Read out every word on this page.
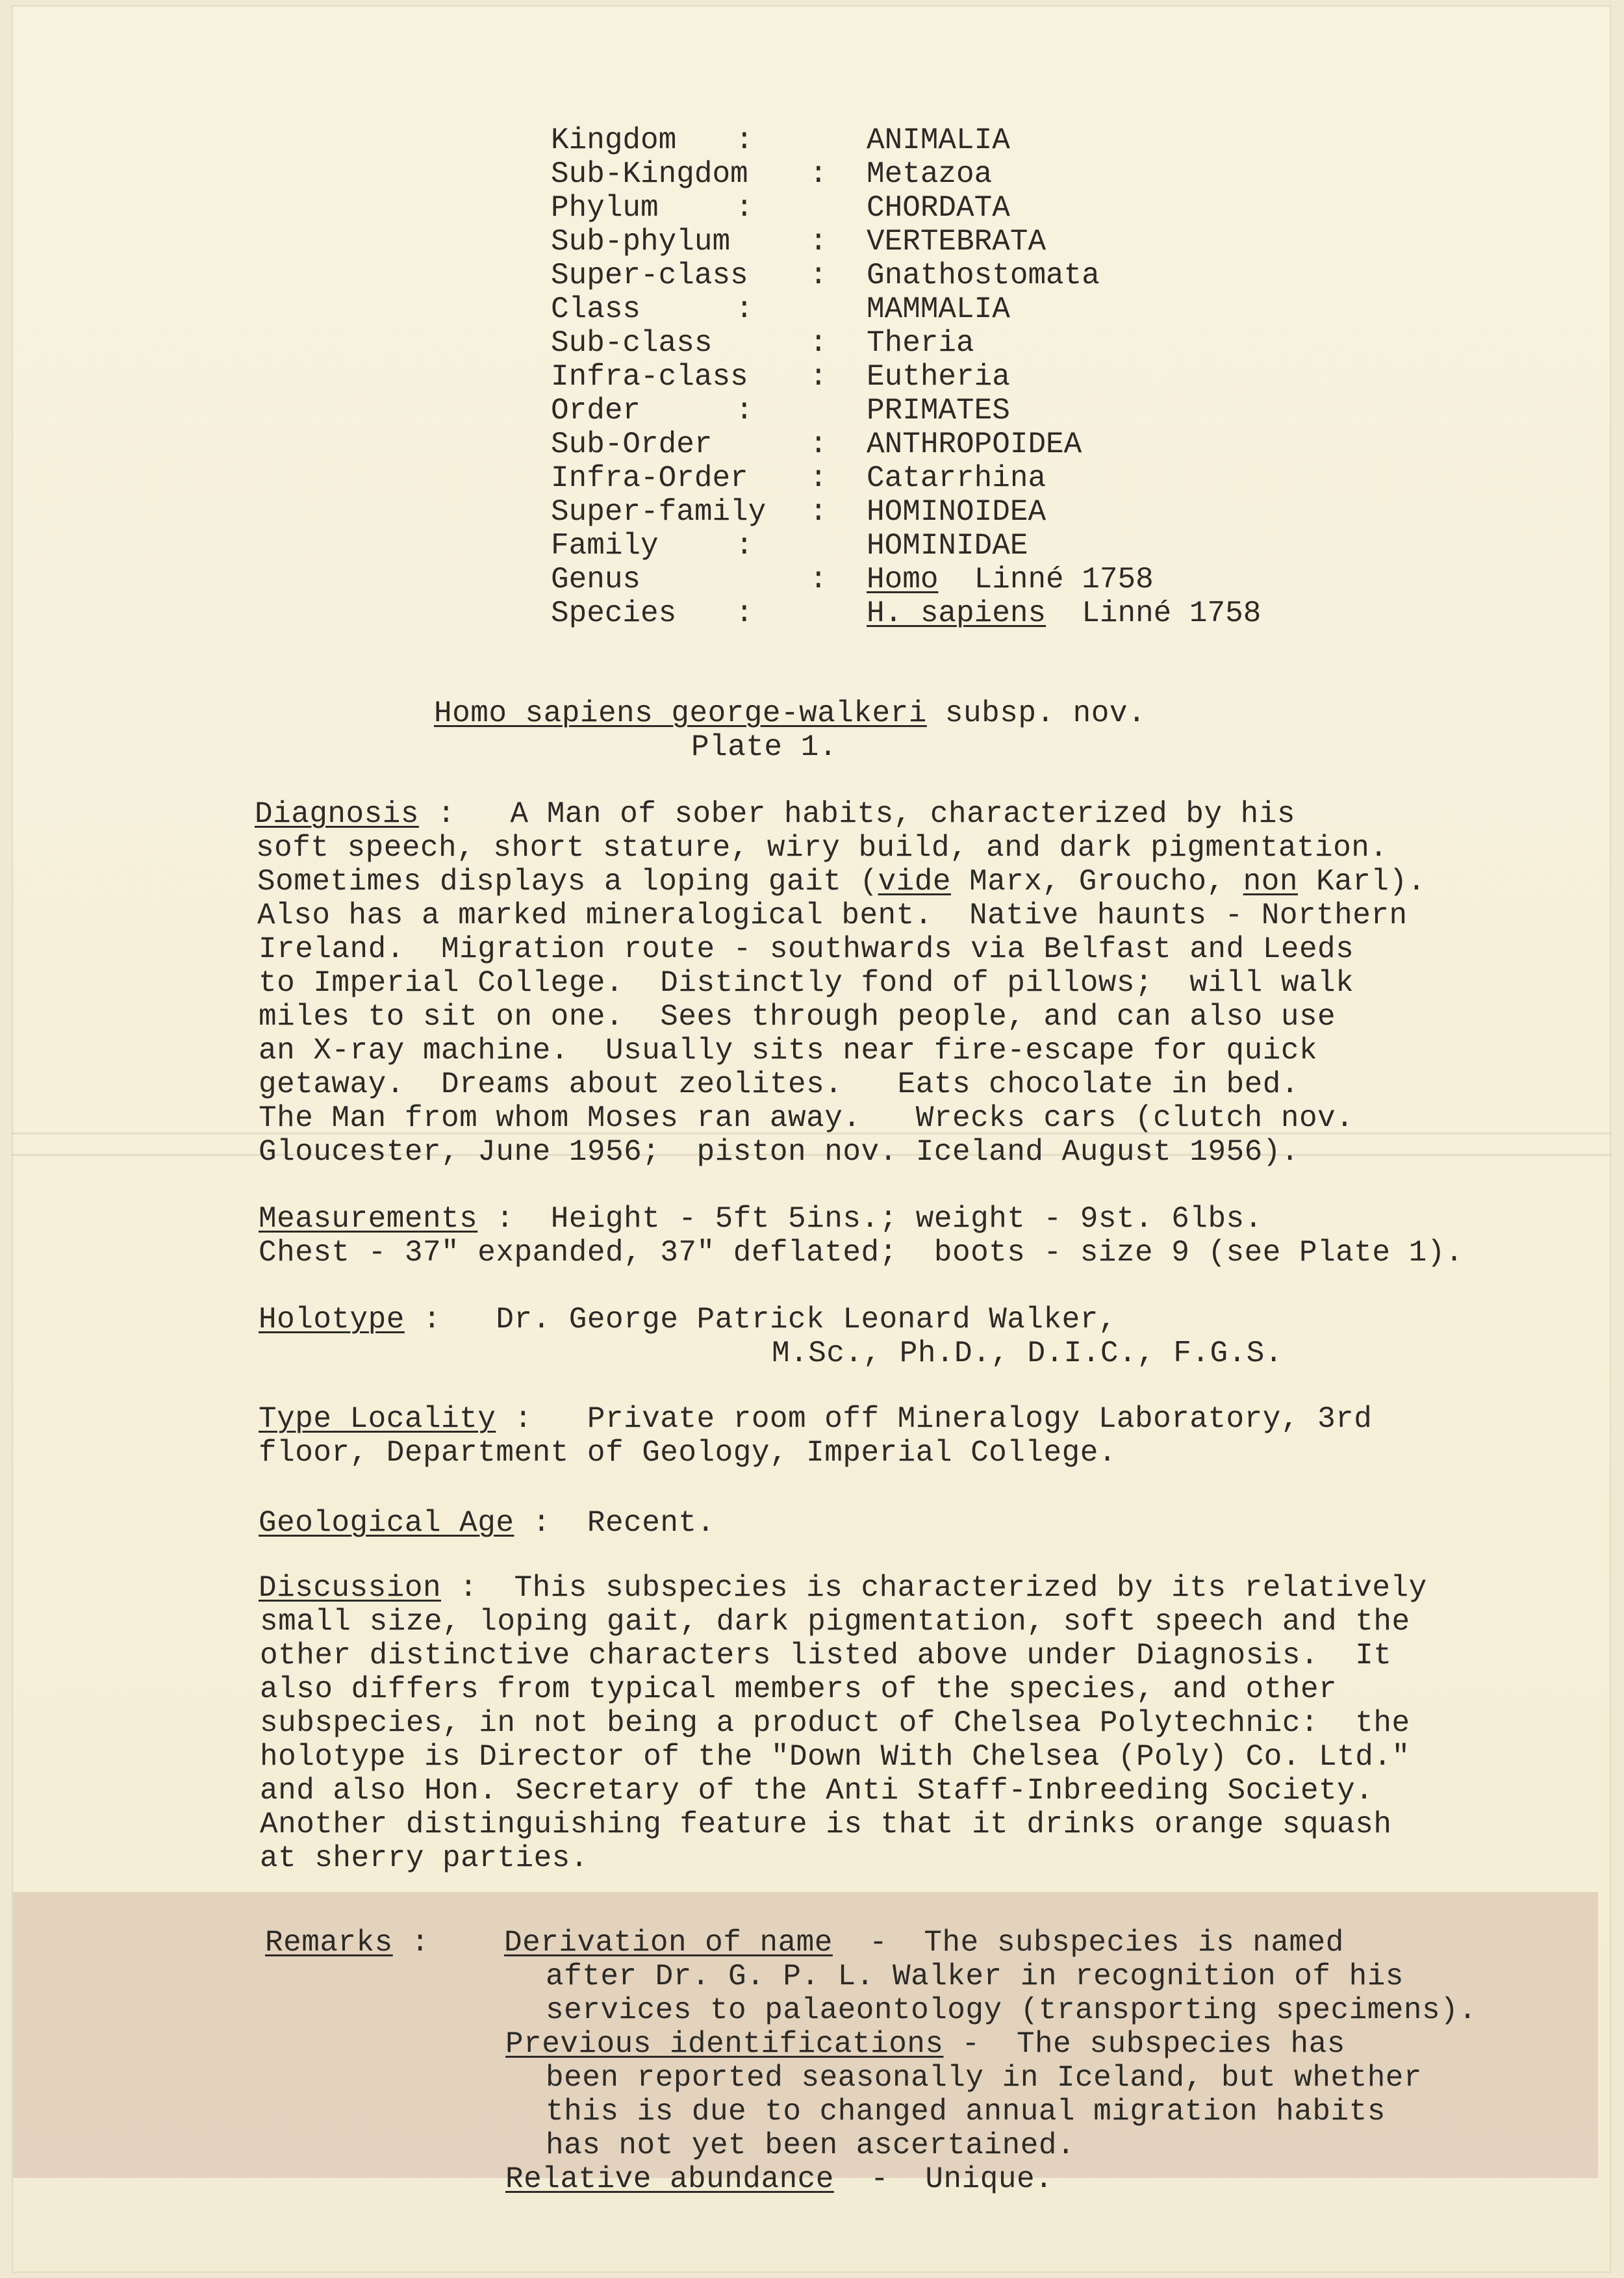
Kingdom :	ANIMALIA
Sub-Kingdom : Metazoa
Phylum	:	CHORDATA
Sub-phylum	: VERTEBRATA
Super-class : Gnathostomata
Class	:	MAMMALIA
Sub-class	: Theria
Infra-class : Eutheria
Order	:	PRIMATES
Sub-Order	: ANTHROPOIDEA
Infra-Order : Catarrhina
Super-family : HOMINOIDEA
Family	:	HOMINIDAE
Genus	: Homo Linné 1758
Species :	H. sapiens Linné 1758
Homo sapiens george-walkeri subsp. nov.
Plate 1.
Diagnosis :   A Man of sober habits, characterized by his
soft speech, short stature, wiry build, and dark pigmentation.
Sometimes displays a loping gait (vide Marx, Groucho, non Karl).
Also has a marked mineralogical bent.  Native haunts - Northern
Ireland.  Migration route - southwards via Belfast and Leeds
to Imperial College.  Distinctly fond of pillows;  will walk
miles to sit on one.  Sees through people, and can also use
an X-ray machine.  Usually sits near fire-escape for quick
getaway.  Dreams about zeolites.   Eats chocolate in bed.
The Man from whom Moses ran away.   Wrecks cars (clutch nov.
Gloucester, June 1956;  piston nov. Iceland August 1956).
Measurements :  Height - 5ft 5ins.; weight - 9st. 6lbs.
Chest - 37" expanded, 37" deflated;  boots - size 9 (see Plate 1).
Holotype :   Dr. George Patrick Leonard Walker,
M.Sc., Ph.D., D.I.C., F.G.S.
Type Locality :   Private room off Mineralogy Laboratory, 3rd
floor, Department of Geology, Imperial College.
Geological Age :  Recent.
Discussion :  This subspecies is characterized by its relatively
small size, loping gait, dark pigmentation, soft speech and the
other distinctive characters listed above under Diagnosis.  It
also differs from typical members of the species, and other
subspecies, in not being a product of Chelsea Polytechnic:  the
holotype is Director of the "Down With Chelsea (Poly) Co. Ltd."
and also Hon. Secretary of the Anti Staff-Inbreeding Society.
Another distinguishing feature is that it drinks orange squash
at sherry parties.
Remarks :	Derivation of name  -  The subspecies is named
after Dr. G. P. L. Walker in recognition of his
services to palaeontology (transporting specimens).
Previous identifications -  The subspecies has
been reported seasonally in Iceland, but whether
this is due to changed annual migration habits
has not yet been ascertained.
Relative abundance  -  Unique.
